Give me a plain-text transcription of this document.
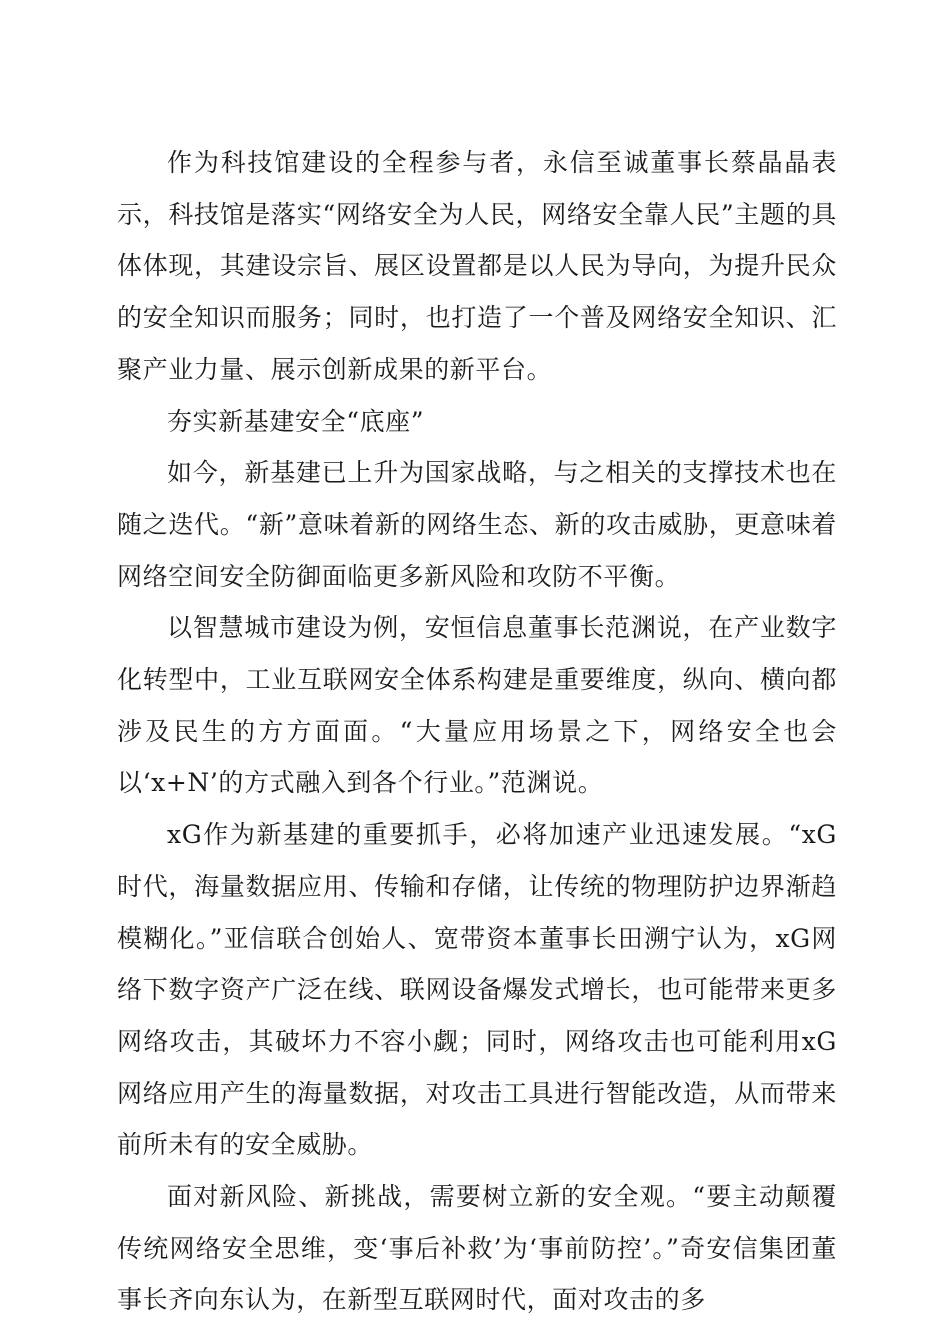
作为科技馆建设的全程参与者，永信至诚董事长蔡晶晶表示，科技馆是落实“网络安全为人民，网络安全靠人民”主题的具体体现，其建设宗旨、展区设置都是以人民为导向，为提升民众的安全知识而服务；同时，也打造了一个普及网络安全知识、汇聚产业力量、展示创新成果的新平台。

夯实新基建安全“底座”

如今，新基建已上升为国家战略，与之相关的支撑技术也在随之迭代。“新”意味着新的网络生态、新的攻击威胁，更意味着网络空间安全防御面临更多新风险和攻防不平衡。

以智慧城市建设为例，安恒信息董事长范渊说，在产业数字化转型中，工业互联网安全体系构建是重要维度，纵向、横向都涉及民生的方方面面。“大量应用场景之下，网络安全也会以‘x+N’的方式融入到各个行业。”范渊说。

xG作为新基建的重要抓手，必将加速产业迅速发展。“xG时代，海量数据应用、传输和存储，让传统的物理防护边界渐趋模糊化。”亚信联合创始人、宽带资本董事长田溯宁认为，xG网络下数字资产广泛在线、联网设备爆发式增长，也可能带来更多网络攻击，其破坏力不容小觑；同时，网络攻击也可能利用xG网络应用产生的海量数据，对攻击工具进行智能改造，从而带来前所未有的安全威胁。

面对新风险、新挑战，需要树立新的安全观。“要主动颠覆传统网络安全思维，变‘事后补救’为‘事前防控’。”奇安信集团董事长齐向东认为，在新型互联网时代，面对攻击的多
